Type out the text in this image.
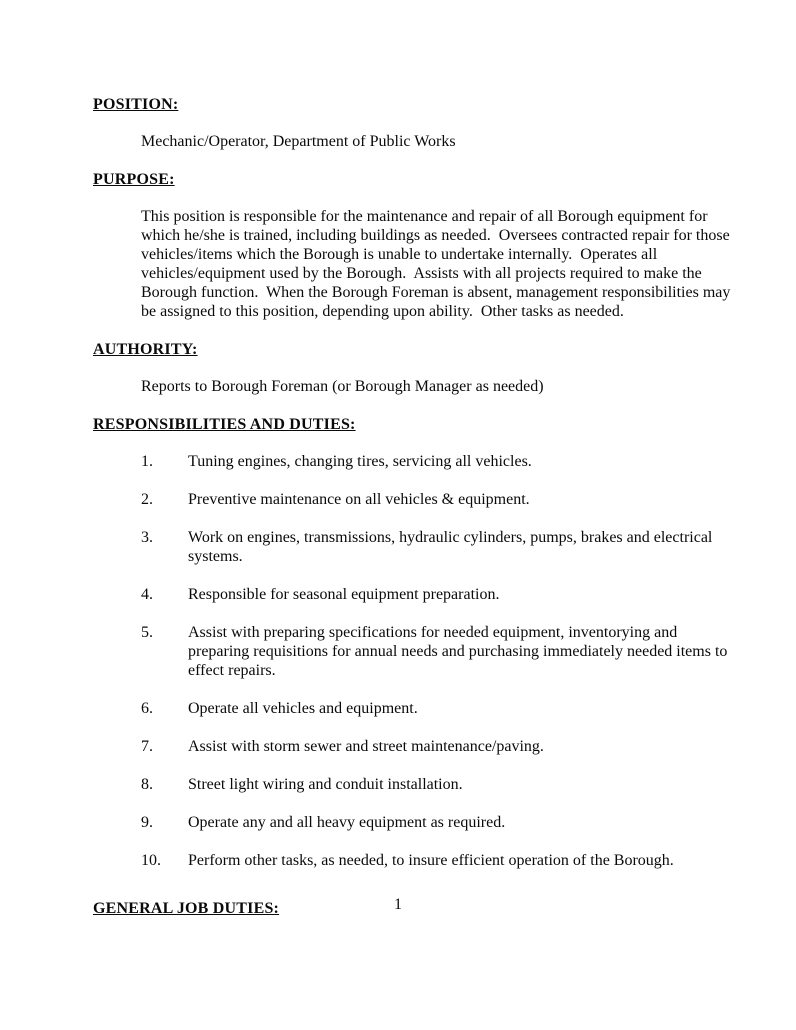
POSITION:
Mechanic/Operator, Department of Public Works
PURPOSE:
This position is responsible for the maintenance and repair of all Borough equipment for which he/she is trained, including buildings as needed.  Oversees contracted repair for those vehicles/items which the Borough is unable to undertake internally.  Operates all vehicles/equipment used by the Borough.  Assists with all projects required to make the Borough function.  When the Borough Foreman is absent, management responsibilities may be assigned to this position, depending upon ability.  Other tasks as needed.
AUTHORITY:
Reports to Borough Foreman (or Borough Manager as needed)
RESPONSIBILITIES AND DUTIES:
1.	Tuning engines, changing tires, servicing all vehicles.
2.	Preventive maintenance on all vehicles & equipment.
3.	Work on engines, transmissions, hydraulic cylinders, pumps, brakes and electrical systems.
4.	Responsible for seasonal equipment preparation.
5.	Assist with preparing specifications for needed equipment, inventorying and preparing requisitions for annual needs and purchasing immediately needed items to effect repairs.
6.	Operate all vehicles and equipment.
7.	Assist with storm sewer and street maintenance/paving.
8.	Street light wiring and conduit installation.
9.	Operate any and all heavy equipment as required.
10.	Perform other tasks, as needed, to insure efficient operation of the Borough.
GENERAL JOB DUTIES:	1
